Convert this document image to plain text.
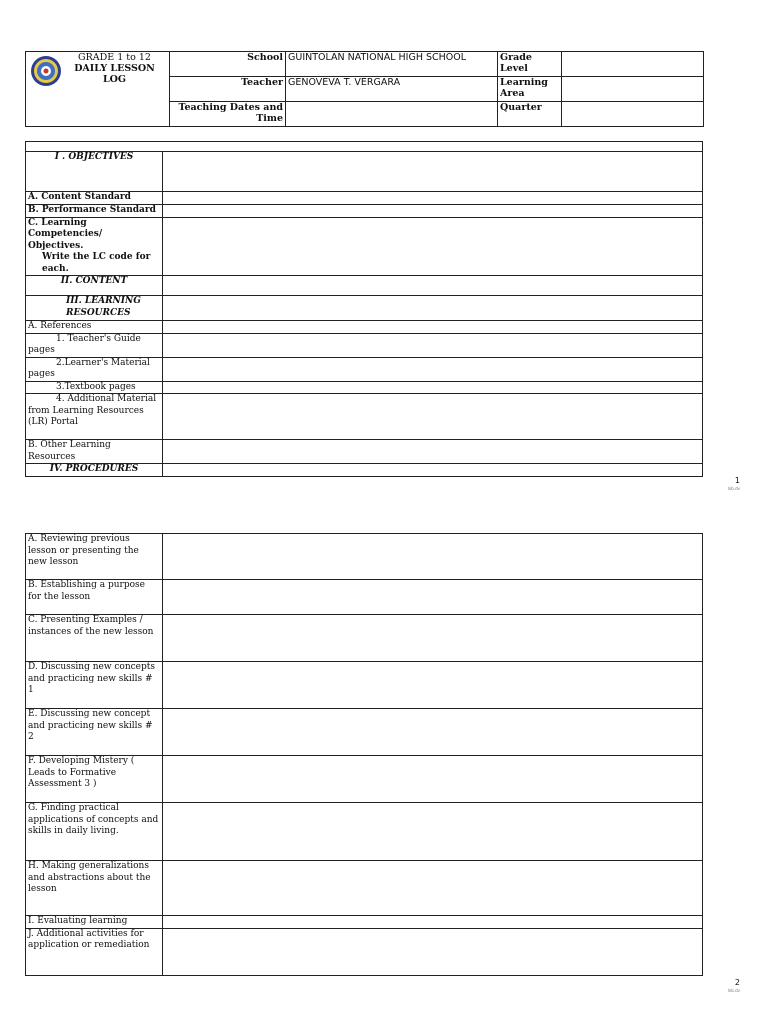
GRADE 1 to 12
DAILY LESSON
LOG	School	GUINTOLAN NATIONAL HIGH SCHOOL	Grade Level	
	Teacher	GENOVEVA T. VERGARA	Learning Area	
	Teaching Dates and Time		Quarter	

I . OBJECTIVES	
A. Content Standard	
B. Performance Standard	

C. Learning Competencies/ Objectives.
Write the LC code for each.	

II. CONTENT	
III. LEARNING RESOURCES	
A. References	
1. Teacher's Guide pages	
2.Learner's Material pages	
3.Textbook pages	
4. Additional Material from Learning Resources (LR) Portal	
B. Other Learning Resources	
IV. PROCEDURES	
1
lnb.dv
A. Reviewing previous lesson or presenting the new lesson	
B. Establishing a purpose for the lesson	
C. Presenting Examples / instances of the new lesson	
D. Discussing new concepts and practicing new skills # 1	
E. Discussing new concept and practicing new skills # 2	
F. Developing Mistery ( Leads to Formative Assessment 3 )	
G. Finding practical applications of concepts and skills in daily living.	
H. Making generalizations and abstractions about the lesson	
I. Evaluating learning	
J. Additional activities for application or remediation	
2
lnb.dv
